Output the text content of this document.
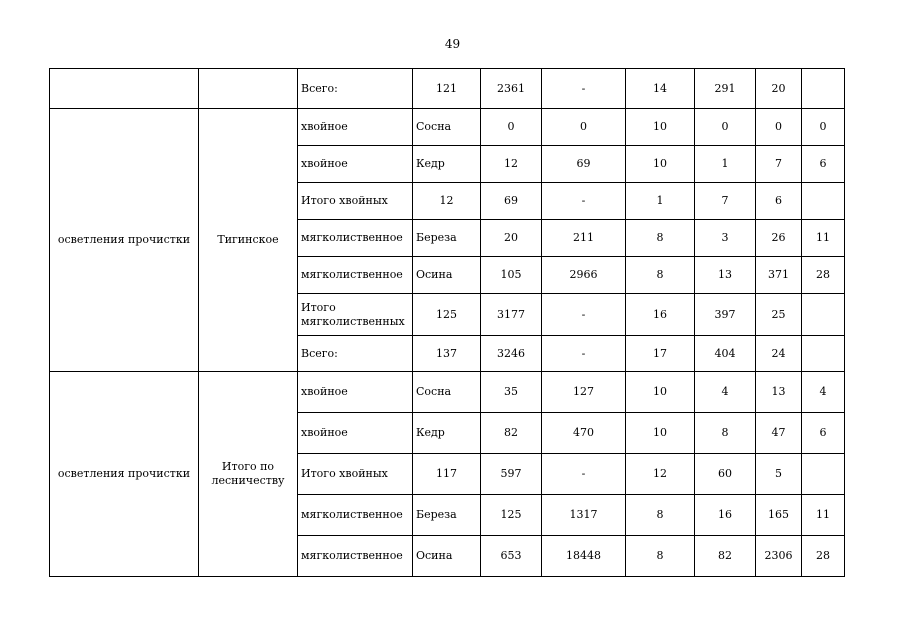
49
		Всего:	121	2361	-	14	291	20	
осветления прочистки	Тигинское	хвойное	Сосна	0	0	10	0	0	0
		хвойное	Кедр	12	69	10	1	7	6
		Итого хвойных	12	69	-	1	7	6	
		мягколиственное	Береза	20	211	8	3	26	11
		мягколиственное	Осина	105	2966	8	13	371	28
		Итого мягколиственных	125	3177	-	16	397	25	
		Всего:	137	3246	-	17	404	24	
осветления прочистки	Итого по лесничеству	хвойное	Сосна	35	127	10	4	13	4
		хвойное	Кедр	82	470	10	8	47	6
		Итого хвойных	117	597	-	12	60	5	
		мягколиственное	Береза	125	1317	8	16	165	11
		мягколиственное	Осина	653	18448	8	82	2306	28
